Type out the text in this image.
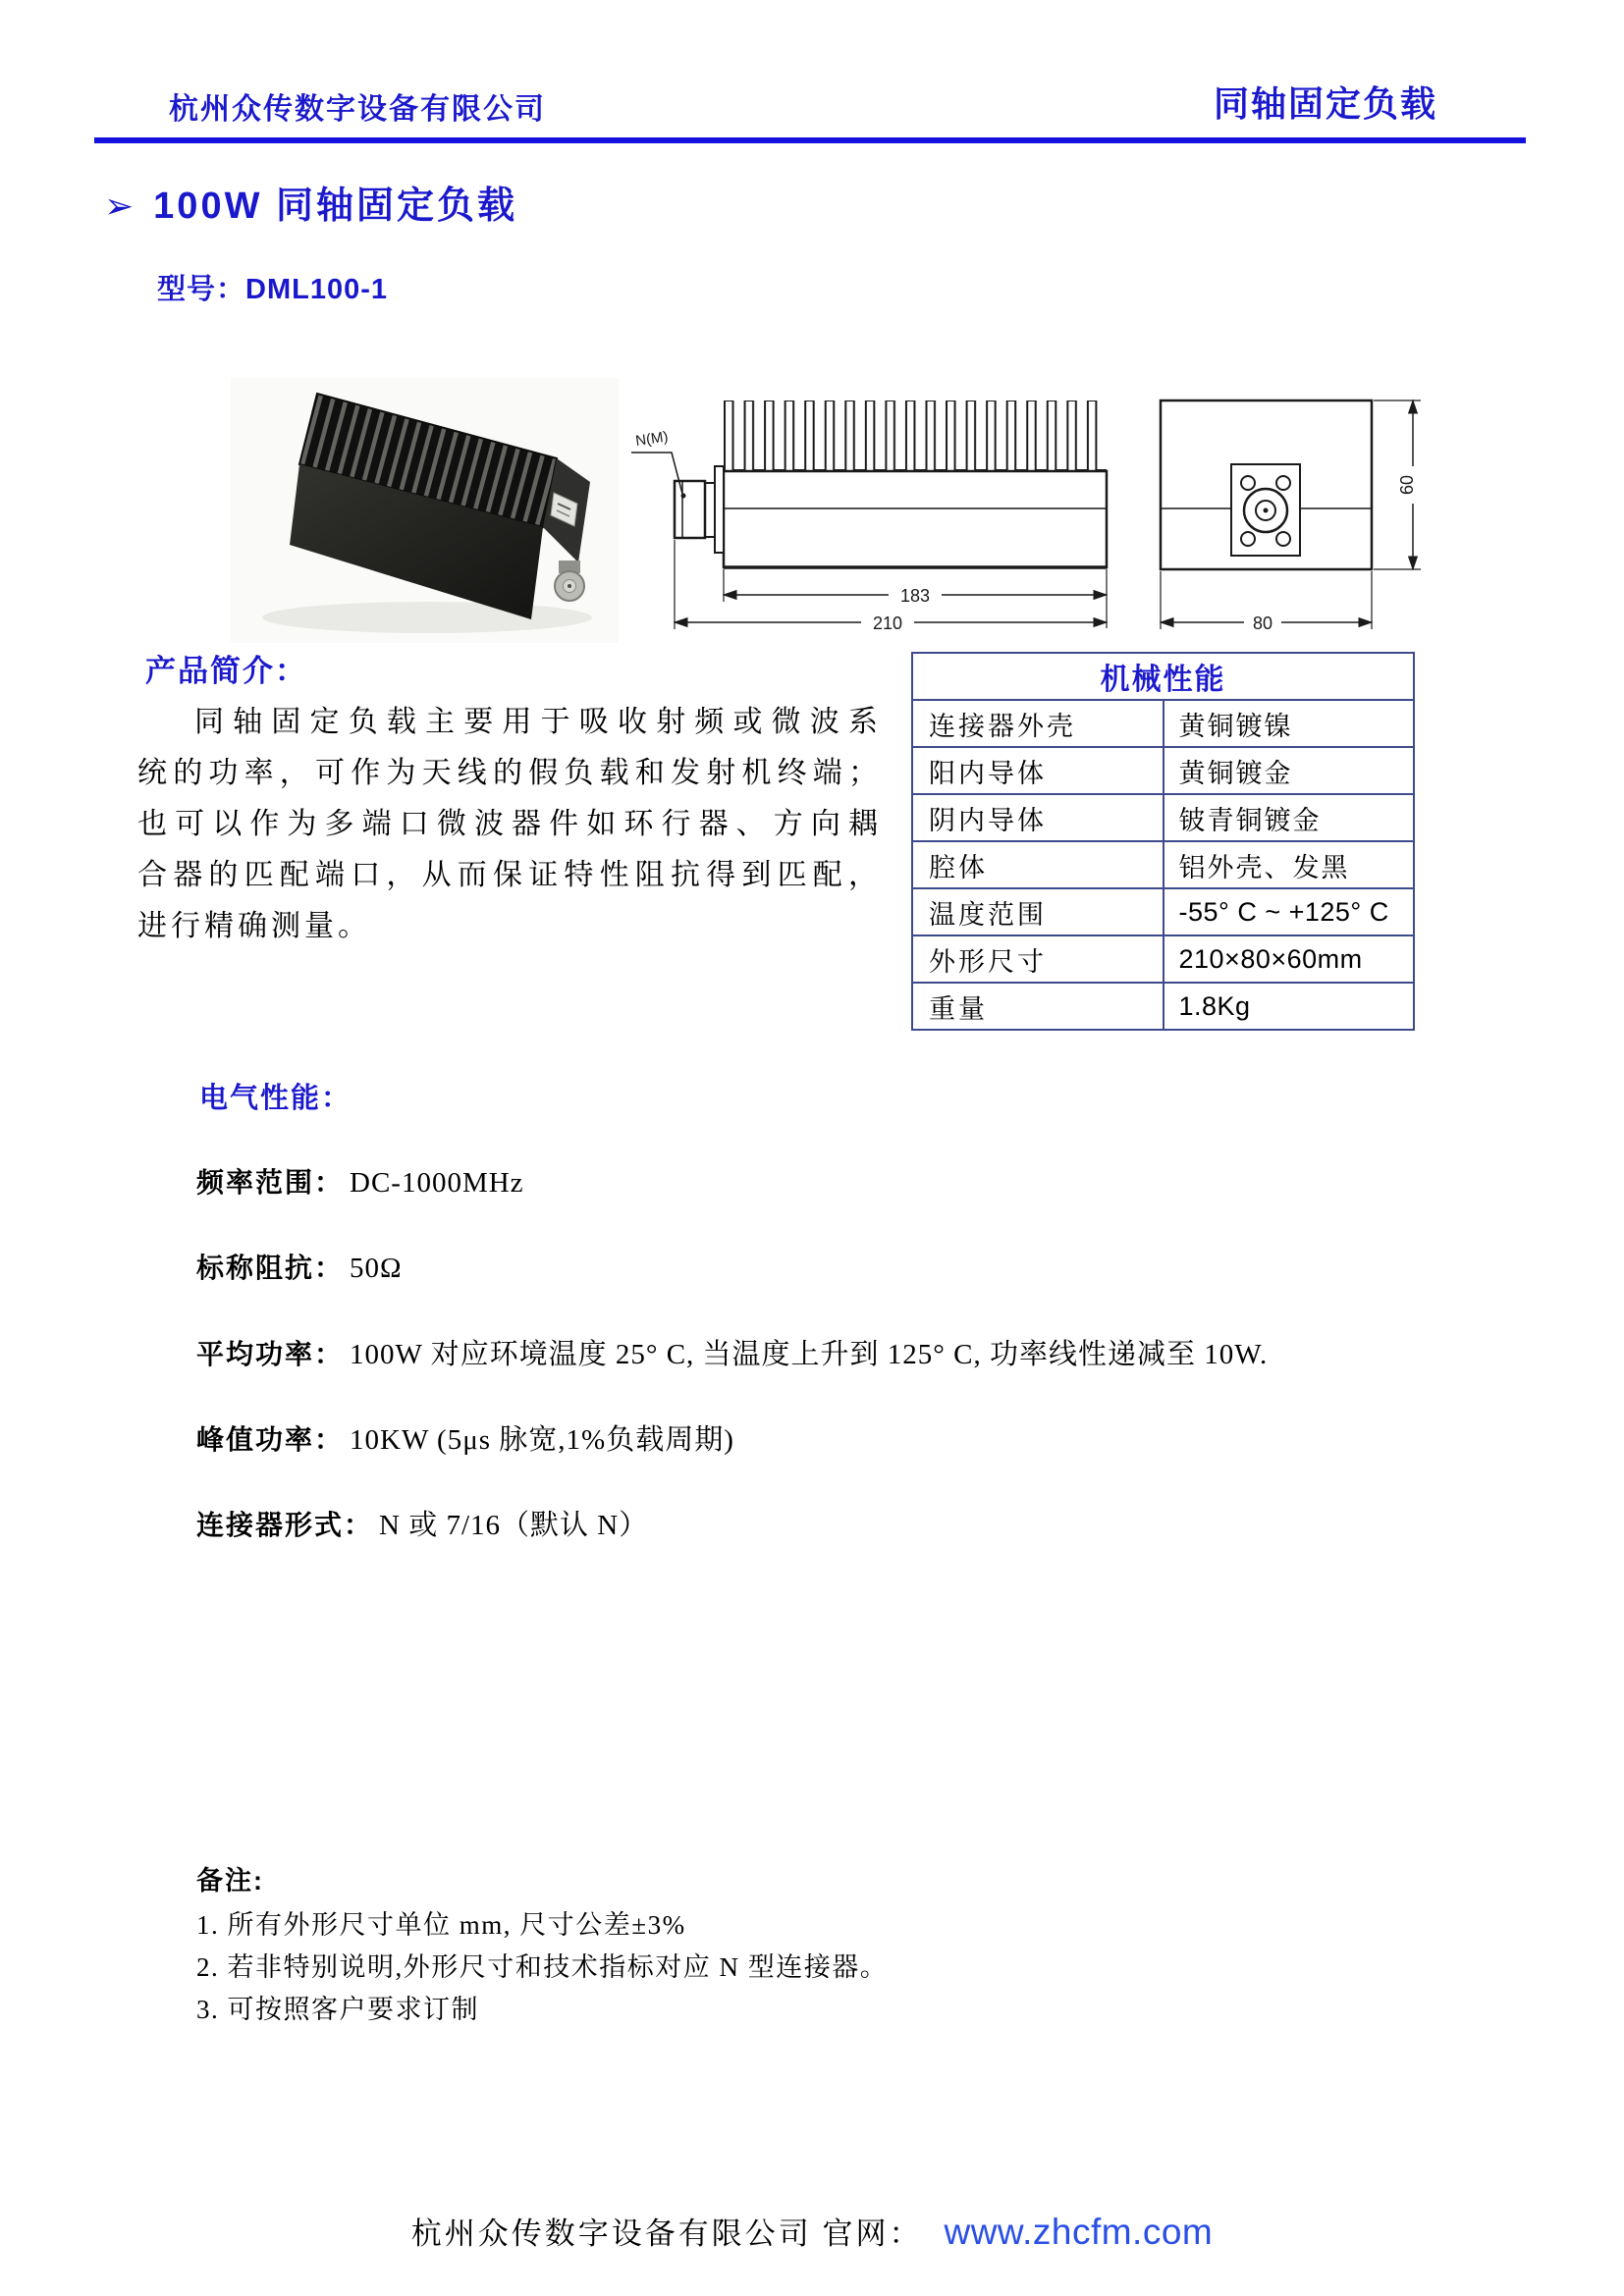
杭州众传数字设备有限公司	同轴固定负载
➢ 100W 同轴固定负载
型号：DML100-1
N(M)
183
210
60
80
产品简介：
同轴固定负载主要用于吸收射频或微波系
统的功率，可作为天线的假负载和发射机终端；
也可以作为多端口微波器件如环行器、方向耦
合器的匹配端口，从而保证特性阻抗得到匹配，
进行精确测量。
机械性能	
连接器外壳	黄铜镀镍
阳内导体	黄铜镀金
阴内导体	铍青铜镀金
腔体	铝外壳、发黑
温度范围	-55° C ~ +125° C
外形尺寸	210×80×60mm
重量	1.8Kg
电气性能：
频率范围： DC-1000MHz
标称阻抗： 50Ω
平均功率： 100W 对应环境温度 25° C, 当温度上升到 125° C, 功率线性递减至 10W.
峰值功率： 10KW (5μs 脉宽,1%负载周期)
连接器形式： N 或 7/16（默认 N）
备注:
1. 所有外形尺寸单位 mm, 尺寸公差±3%
2. 若非特别说明,外形尺寸和技术指标对应 N 型连接器。
3. 可按照客户要求订制
杭州众传数字设备有限公司 官网： www.zhcfm.com
